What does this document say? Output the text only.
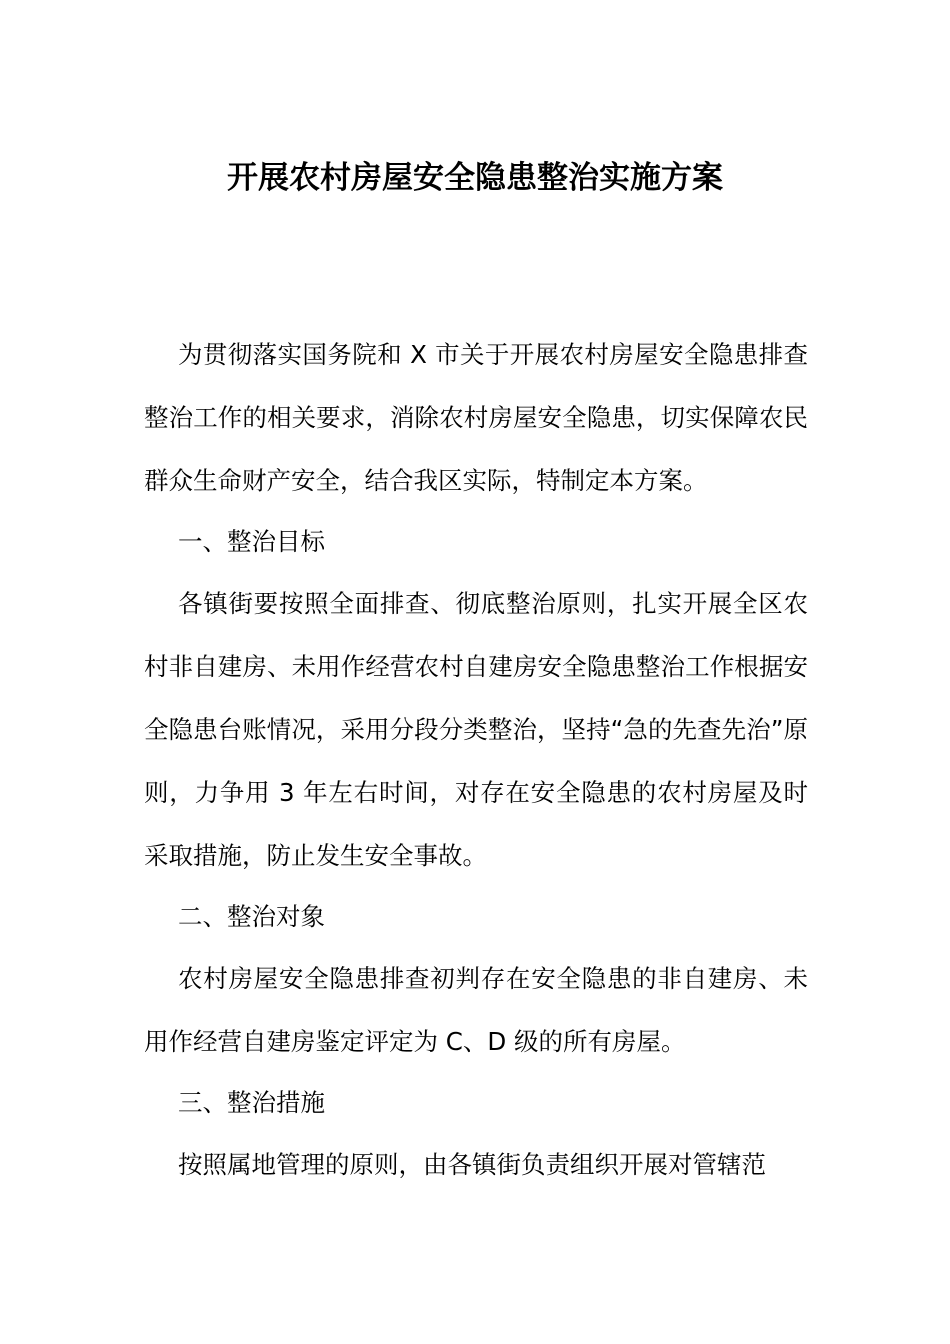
开展农村房屋安全隐患整治实施方案

为贯彻落实国务院和 X 市关于开展农村房屋安全隐患排查整治工作的相关要求，消除农村房屋安全隐患，切实保障农民群众生命财产安全，结合我区实际，特制定本方案。

一、整治目标

各镇街要按照全面排查、彻底整治原则，扎实开展全区农村非自建房、未用作经营农村自建房安全隐患整治工作根据安全隐患台账情况，采用分段分类整治，坚持“急的先查先治”原则，力争用 3 年左右时间，对存在安全隐患的农村房屋及时采取措施，防止发生安全事故。

二、整治对象

农村房屋安全隐患排查初判存在安全隐患的非自建房、未用作经营自建房鉴定评定为 C、D 级的所有房屋。

三、整治措施

按照属地管理的原则，由各镇街负责组织开展对管辖范
